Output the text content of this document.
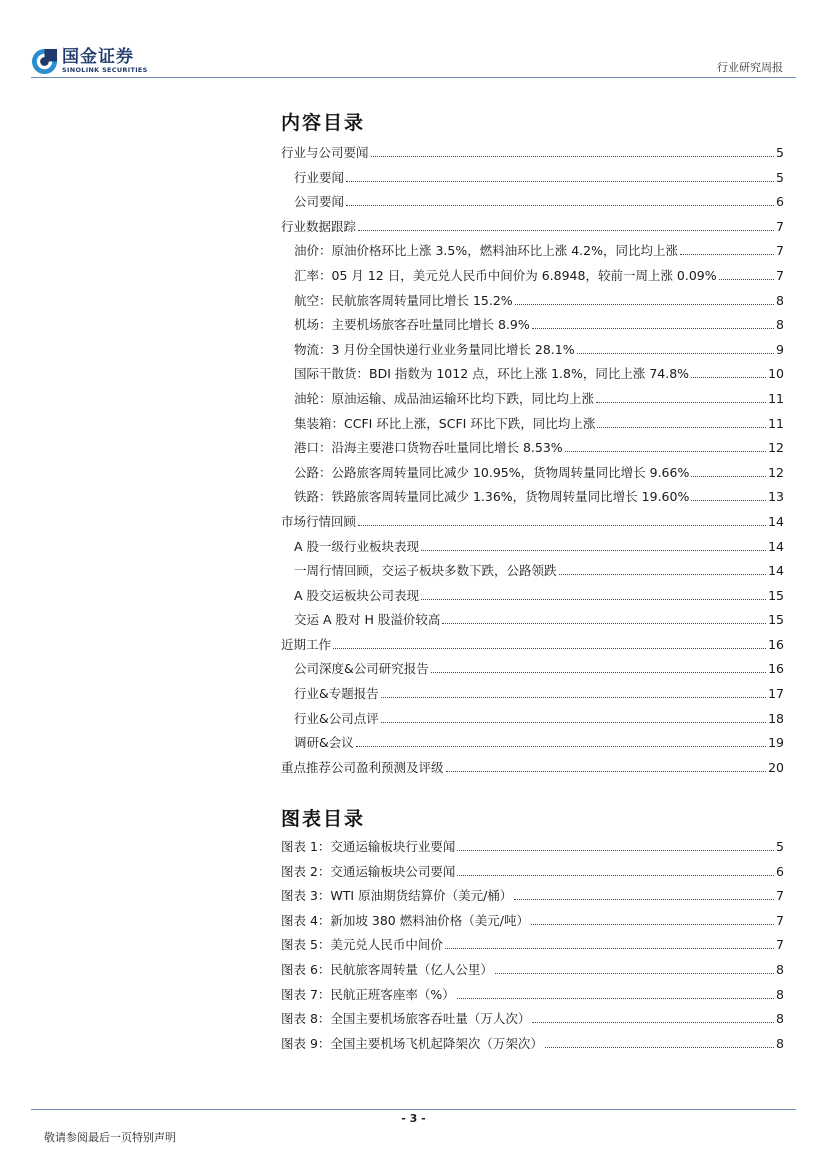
国金证券
SINOLINK SECURITIES	行业研究周报
内容目录
行业与公司要闻	5
行业要闻	5
公司要闻	6
行业数据跟踪	7
油价：原油价格环比上涨 3.5%，燃料油环比上涨 4.2%，同比均上涨	7
汇率：05 月 12 日，美元兑人民币中间价为 6.8948，较前一周上涨 0.09%	7
航空：民航旅客周转量同比增长 15.2%	8
机场：主要机场旅客吞吐量同比增长 8.9%	8
物流：3 月份全国快递行业业务量同比增长 28.1%	9
国际干散货：BDI 指数为 1012 点，环比上涨 1.8%，同比上涨 74.8%	10
油轮：原油运输、成品油运输环比均下跌，同比均上涨	11
集装箱：CCFI 环比上涨，SCFI 环比下跌，同比均上涨	11
港口：沿海主要港口货物吞吐量同比增长 8.53%	12
公路：公路旅客周转量同比减少 10.95%，货物周转量同比增长 9.66%	12
铁路：铁路旅客周转量同比减少 1.36%，货物周转量同比增长 19.60%	13
市场行情回顾	14
A 股一级行业板块表现	14
一周行情回顾，交运子板块多数下跌，公路领跌	14
A 股交运板块公司表现	15
交运 A 股对 H 股溢价较高	15
近期工作	16
公司深度&公司研究报告	16
行业&专题报告	17
行业&公司点评	18
调研&会议	19
重点推荐公司盈利预测及评级	20
图表目录
图表 1：交通运输板块行业要闻	5
图表 2：交通运输板块公司要闻	6
图表 3：WTI 原油期货结算价（美元/桶）	7
图表 4：新加坡 380 燃料油价格（美元/吨）	7
图表 5：美元兑人民币中间价	7
图表 6：民航旅客周转量（亿人公里）	8
图表 7：民航正班客座率（%）	8
图表 8：全国主要机场旅客吞吐量（万人次）	8
图表 9：全国主要机场飞机起降架次（万架次）	8
- 3 -
敬请参阅最后一页特别声明
